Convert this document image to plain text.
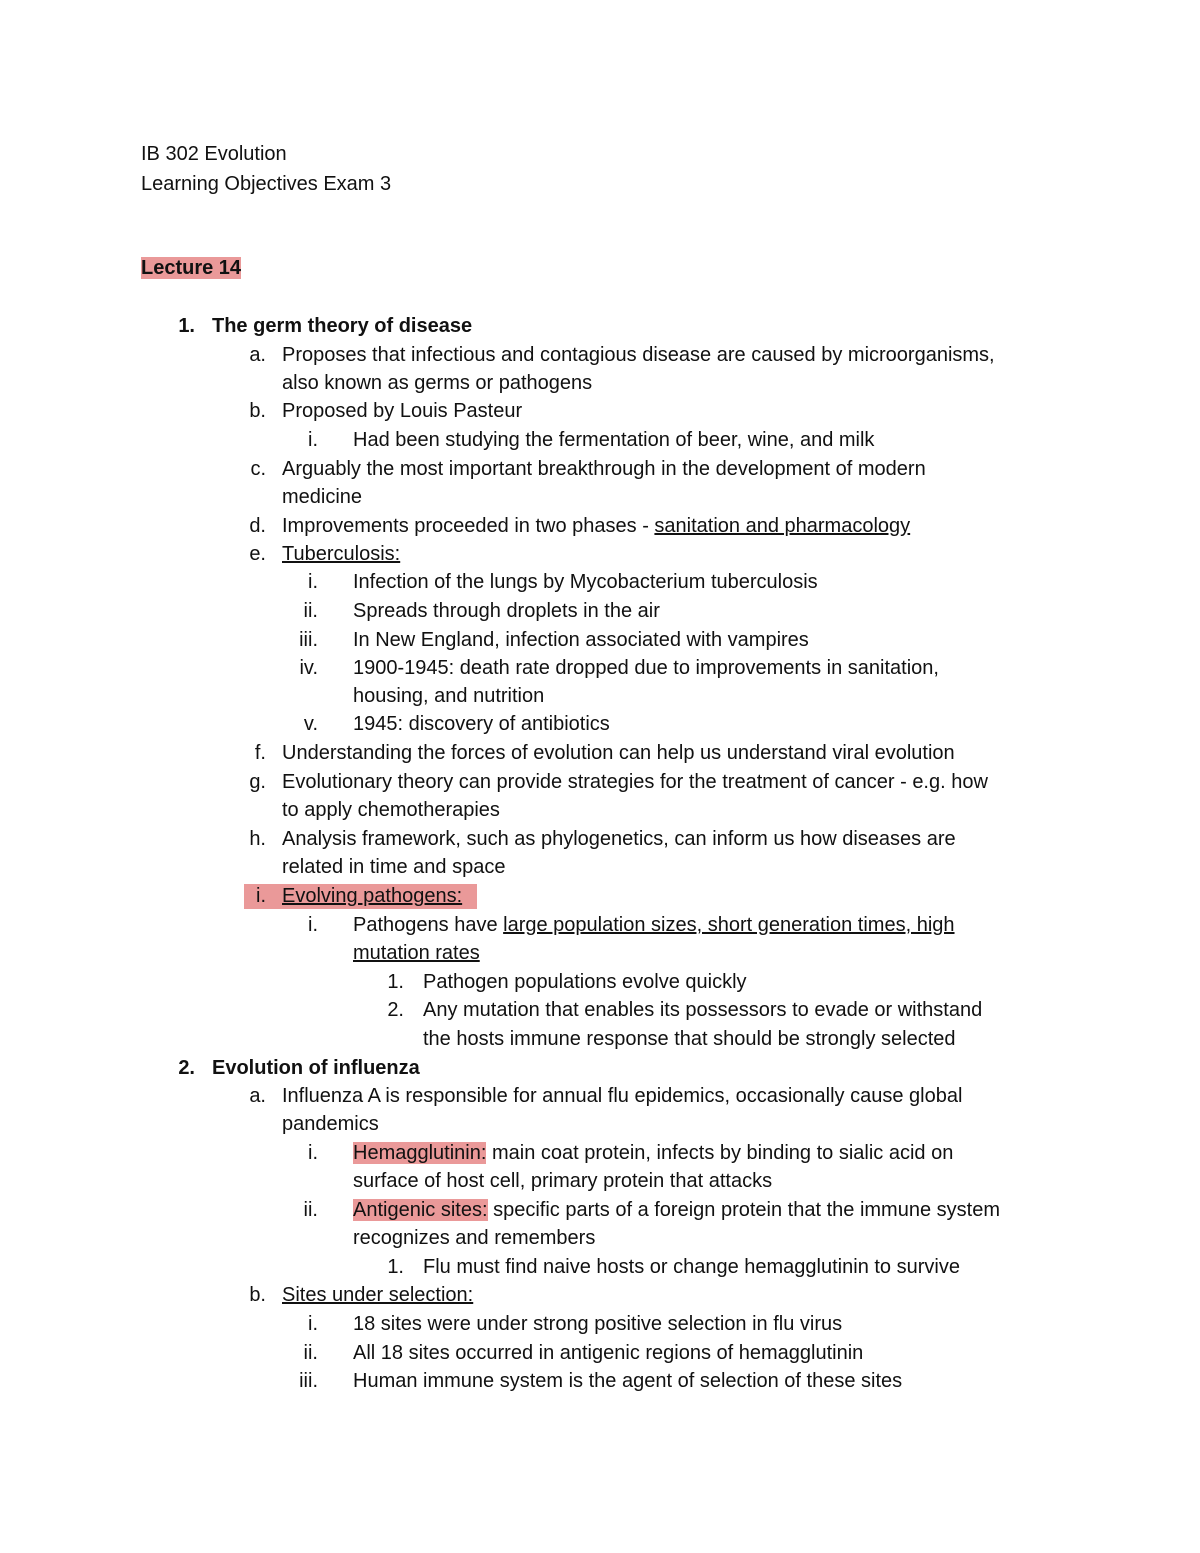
IB 302 Evolution
Learning Objectives Exam 3
Lecture 14
1. The germ theory of disease
a. Proposes that infectious and contagious disease are caused by microorganisms,
also known as germs or pathogens
b. Proposed by Louis Pasteur
i. Had been studying the fermentation of beer, wine, and milk
c. Arguably the most important breakthrough in the development of modern
medicine
d. Improvements proceeded in two phases - sanitation and pharmacology
e. Tuberculosis:
i. Infection of the lungs by Mycobacterium tuberculosis
ii. Spreads through droplets in the air
iii. In New England, infection associated with vampires
iv. 1900-1945: death rate dropped due to improvements in sanitation,
housing, and nutrition
v. 1945: discovery of antibiotics
f. Understanding the forces of evolution can help us understand viral evolution
g. Evolutionary theory can provide strategies for the treatment of cancer - e.g. how
to apply chemotherapies
h. Analysis framework, such as phylogenetics, can inform us how diseases are
related in time and space
i. Evolving pathogens:
i. Pathogens have large population sizes, short generation times, high
mutation rates
1. Pathogen populations evolve quickly
2. Any mutation that enables its possessors to evade or withstand
the hosts immune response that should be strongly selected
2. Evolution of influenza
a. Influenza A is responsible for annual flu epidemics, occasionally cause global
pandemics
i. Hemagglutinin: main coat protein, infects by binding to sialic acid on
surface of host cell, primary protein that attacks
ii. Antigenic sites: specific parts of a foreign protein that the immune system
recognizes and remembers
1. Flu must find naive hosts or change hemagglutinin to survive
b. Sites under selection:
i. 18 sites were under strong positive selection in flu virus
ii. All 18 sites occurred in antigenic regions of hemagglutinin
iii. Human immune system is the agent of selection of these sites
